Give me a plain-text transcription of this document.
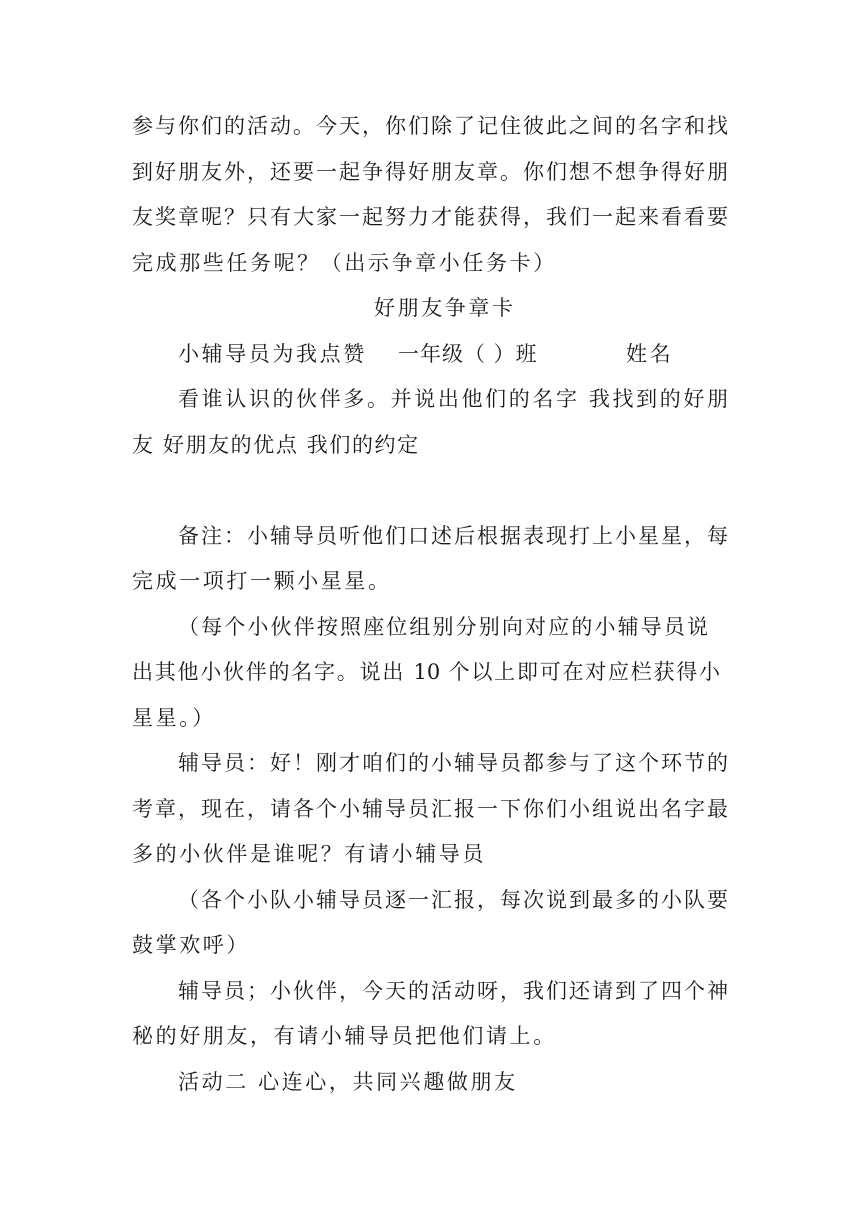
参与你们的活动。今天，你们除了记住彼此之间的名字和找
到好朋友外，还要一起争得好朋友章。你们想不想争得好朋
友奖章呢？只有大家一起努力才能获得，我们一起来看看要
完成那些任务呢？（出示争章小任务卡）
好朋友争章卡
小辅导员为我点赞 一年级（ ）班	姓名
看谁认识的伙伴多。并说出他们的名字 我找到的好朋
友 好朋友的优点 我们的约定
备注：小辅导员听他们口述后根据表现打上小星星，每
完成一项打一颗小星星。
（每个小伙伴按照座位组别分别向对应的小辅导员说
出其他小伙伴的名字。说出 10 个以上即可在对应栏获得小
星星。）
辅导员：好！刚才咱们的小辅导员都参与了这个环节的
考章，现在，请各个小辅导员汇报一下你们小组说出名字最
多的小伙伴是谁呢？有请小辅导员
（各个小队小辅导员逐一汇报，每次说到最多的小队要
鼓掌欢呼）
辅导员；小伙伴，今天的活动呀，我们还请到了四个神
秘的好朋友，有请小辅导员把他们请上。
活动二 心连心，共同兴趣做朋友
